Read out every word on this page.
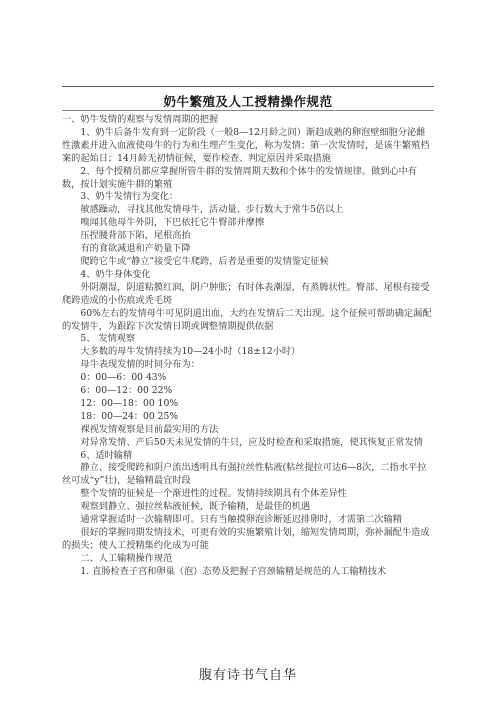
奶牛繁殖及人工授精操作规范

一、奶牛发情的观察与发情周期的把握

1、奶牛后备牛发育到一定阶段（一般8—12月龄之间）渐趋成熟的卵泡壁细胞分泌雌性激素并进入血液使母牛的行为和生理产生变化，称为发情；第一次发情时，是该牛繁殖档案的起始日；14月龄无初情征候，要作检查、判定原因并采取措施

2、每个授精员都应掌握所管牛群的发情周期天数和个体牛的发情规律。做到心中有数，按计划实施牛群的繁殖

3、奶牛发情行为变化：

敏感躁动，寻找其他发情母牛，活动量、步行数大于常牛5倍以上

嗅闻其他母牛外阴，下巴依托它牛臀部并摩擦

压捏腰背部下陷，尾根高抬

有的食欲减退和产奶量下降

爬跨它牛或“静立”接受它牛爬跨，后者是重要的发情鉴定征候

4、奶牛身体变化

外阴潮湿，阴道粘膜红润，阴户肿胀；有时体表潮湿，有蒸腾状性。臀部、尾根有接受爬跨造成的小伤痕或秃毛斑

60%左右的发情母牛可见阴道出血，大约在发情后二天出现。这个征候可帮助确定漏配的发情牛，为跟踪下次发情日期或调整情期提供依据

5、 发情观察

大多数的母牛发情持续为10—24小时（18±12小时）

母牛表现发情的时间分布为：

0：00—6：00 43%

6：00—12：00 22%

12：00—18：00 10%

18：00—24：00 25%

裸视发情观察是目前最实用的方法

对异常发情、产后50天未见发情的牛只，应及时检查和采取措施，使其恢复正常发情

6、适时输精

静立、接受爬跨和阴户流出透明具有强拉丝性粘液(粘丝提拉可达6—8次，二指水平拉丝可成“у”壮)，是输精最宜时段

整个发情的征候是一个渐进性的过程。发情持续期具有个体差异性

观察到静立、强拉丝粘液征候，既予输精，是最佳的机遇

通常掌握适时一次输精即可。只有当触摸卵泡诊断延迟排卵时，才需第二次输精

很好的掌握同期发情技术，可更有效的实施繁殖计划，缩短发情周期，弥补漏配牛造成的损失；使人工授精集约化成为可能

二、人工输精操作规范

1. 直肠检查子宫和卵巢（泡）态势及把握子宫颈输精是规范的人工输精技术

腹有诗书气自华
